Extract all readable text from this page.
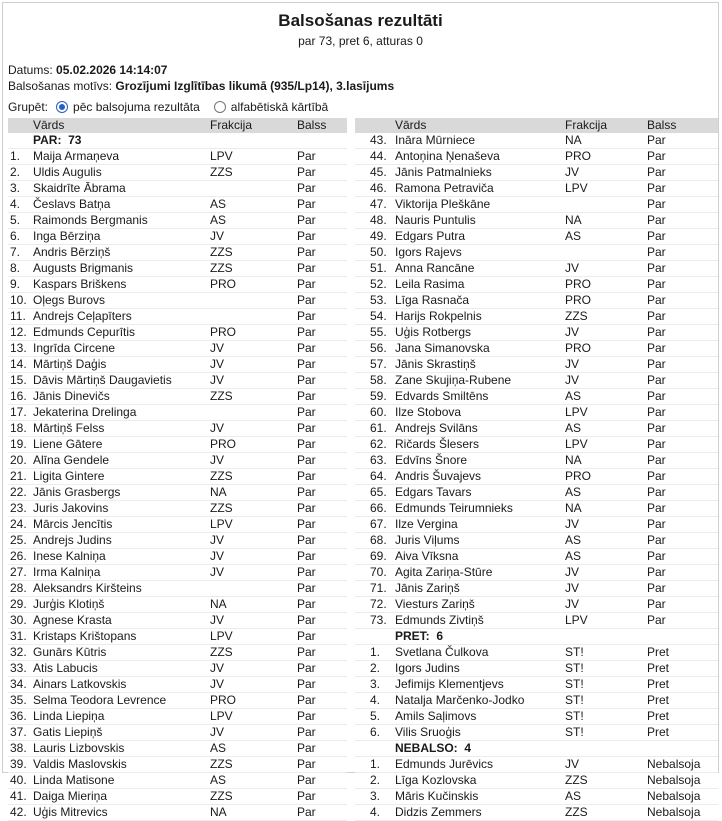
Balsošanas rezultāti
par 73, pret 6, atturas 0
Datums: 05.02.2026 14:14:07
Balsošanas motīvs: Grozījumi Izglītības likumā (935/Lp14), 3.lasījums
Grupēt: pēc balsojuma rezultāta	alfabētiskā kārtībā
Vārds	Frakcija	Balss
PAR:  73
1.	Maija Armaņeva	LPV	Par
2.	Uldis Augulis	ZZS	Par
3.	Skaidrīte Ābrama	Par
4.	Česlavs Batņa	AS	Par
5.	Raimonds Bergmanis	AS	Par
6.	Inga Bērziņa	JV	Par
7.	Andris Bērziņš	ZZS	Par
8.	Augusts Brigmanis	ZZS	Par
9.	Kaspars Briškens	PRO	Par
10. Oļegs Burovs	Par
11. Andrejs Ceļapīters	Par
12. Edmunds Cepurītis	PRO	Par
13. Ingrīda Circene	JV	Par
14. Mārtiņš Daģis	JV	Par
15. Dāvis Mārtiņš Daugavietis	JV	Par
16. Jānis Dinevičs	ZZS	Par
17. Jekaterina Drelinga	Par
18. Mārtiņš Felss	JV	Par
19. Liene Gātere	PRO	Par
20. Alīna Gendele	JV	Par
21. Ligita Gintere	ZZS	Par
22. Jānis Grasbergs	NA	Par
23. Juris Jakovins	ZZS	Par
24. Mārcis Jencītis	LPV	Par
25. Andrejs Judins	JV	Par
26. Inese Kalniņa	JV	Par
27. Irma Kalniņa	JV	Par
28. Aleksandrs Kiršteins	Par
29. Jurģis Klotiņš	NA	Par
30. Agnese Krasta	JV	Par
31. Kristaps Krištopans	LPV	Par
32. Gunārs Kūtris	ZZS	Par
33. Atis Labucis	JV	Par
34. Ainars Latkovskis	JV	Par
35. Selma Teodora Levrence	PRO	Par
36. Linda Liepiņa	LPV	Par
37. Gatis Liepiņš	JV	Par
38. Lauris Lizbovskis	AS	Par
39. Valdis Maslovskis	ZZS	Par
40. Linda Matisone	AS	Par
41. Daiga Mieriņa	ZZS	Par
42. Uģis Mitrevics	NA	Par
Vārds	Frakcija	Balss
43. Ināra Mūrniece	NA	Par
44. Antoņina Ņenaševa	PRO	Par
45. Jānis Patmalnieks	JV	Par
46. Ramona Petraviča	LPV	Par
47. Viktorija Pleškāne	Par
48. Nauris Puntulis	NA	Par
49. Edgars Putra	AS	Par
50. Igors Rajevs	Par
51. Anna Rancāne	JV	Par
52. Leila Rasima	PRO	Par
53. Līga Rasnača	PRO	Par
54. Harijs Rokpelnis	ZZS	Par
55. Uģis Rotbergs	JV	Par
56. Jana Simanovska	PRO	Par
57. Jānis Skrastiņš	JV	Par
58. Zane Skujiņa-Rubene	JV	Par
59. Edvards Smiltēns	AS	Par
60. Ilze Stobova	LPV	Par
61. Andrejs Svilāns	AS	Par
62. Ričards Šlesers	LPV	Par
63. Edvīns Šnore	NA	Par
64. Andris Šuvajevs	PRO	Par
65. Edgars Tavars	AS	Par
66. Edmunds Teirumnieks	NA	Par
67. Ilze Vergina	JV	Par
68. Juris Viļums	AS	Par
69. Aiva Vīksna	AS	Par
70. Agita Zariņa-Stūre	JV	Par
71. Jānis Zariņš	JV	Par
72. Viesturs Zariņš	JV	Par
73. Edmunds Zivtiņš	LPV	Par
PRET:  6
1.	Svetlana Čulkova	ST!	Pret
2.	Igors Judins	ST!	Pret
3.	Jefimijs Klementjevs	ST!	Pret
4.	Natalja Marčenko-Jodko	ST!	Pret
5.	Amils Saļimovs	ST!	Pret
6.	Vilis Sruoģis	ST!	Pret
NEBALSO:  4
1.	Edmunds Jurēvics	JV	Nebalsoja
2.	Līga Kozlovska	ZZS	Nebalsoja
3.	Māris Kučinskis	AS	Nebalsoja
4.	Didzis Zemmers	ZZS	Nebalsoja
